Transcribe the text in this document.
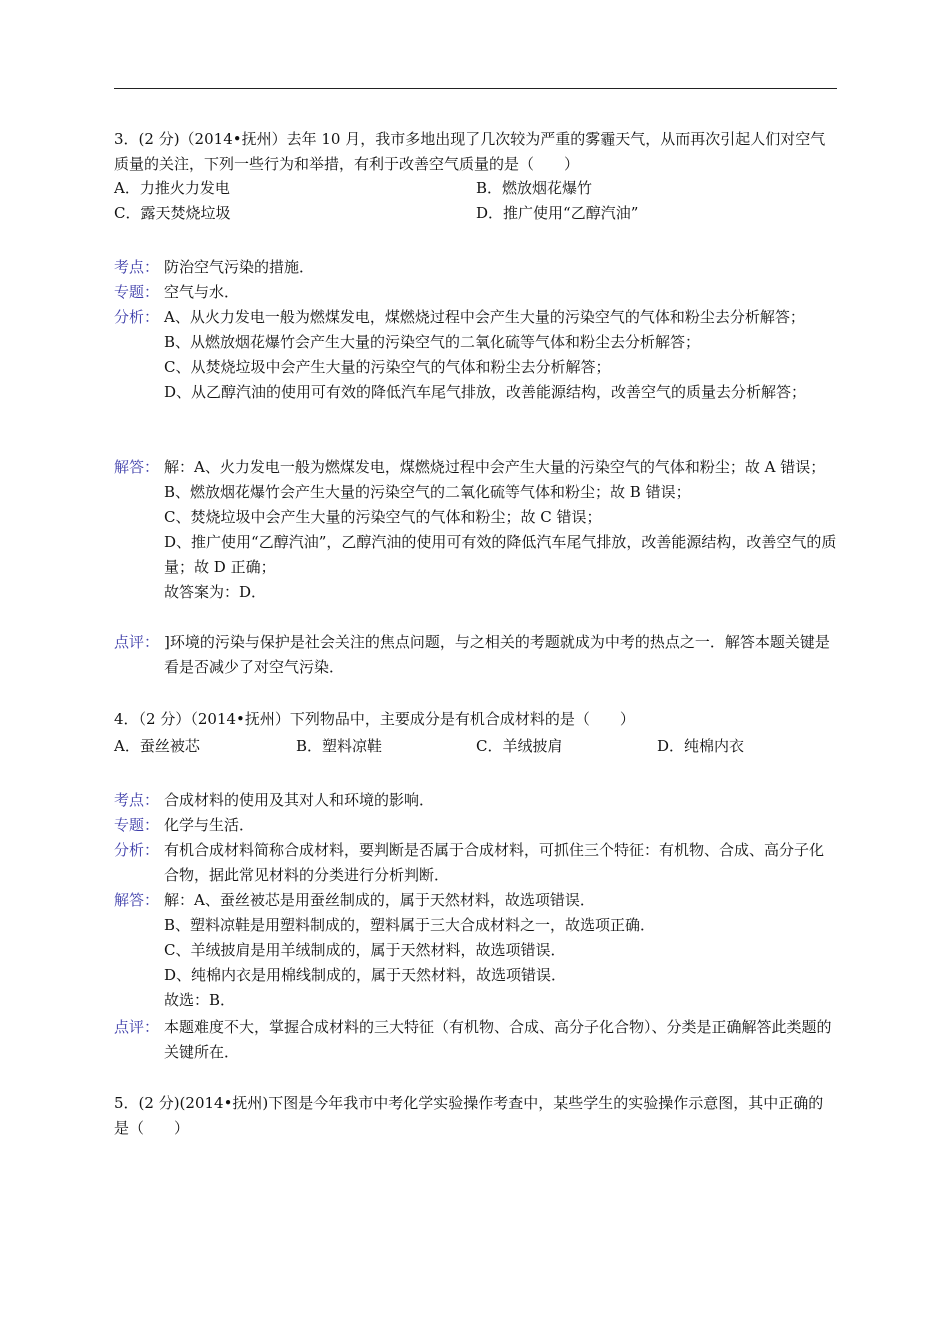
3．(2 分)（2014•抚州）去年 10 月，我市多地出现了几次较为严重的雾霾天气，从而再次引起人们对空气质量的关注，下列一些行为和举措，有利于改善空气质量的是（　　）
A．力推火力发电	B．燃放烟花爆竹
C．露天焚烧垃圾	D．推广使用“乙醇汽油”
考点： 防治空气污染的措施．
专题： 空气与水．
分析： A、从火力发电一般为燃煤发电，煤燃烧过程中会产生大量的污染空气的气体和粉尘去分析解答；

B、从燃放烟花爆竹会产生大量的污染空气的二氧化硫等气体和粉尘去分析解答；

C、从焚烧垃圾中会产生大量的污染空气的气体和粉尘去分析解答；

D、从乙醇汽油的使用可有效的降低汽车尾气排放，改善能源结构，改善空气的质量去分析解答；

解答： 解：A、火力发电一般为燃煤发电，煤燃烧过程中会产生大量的污染空气的气体和粉尘；故 A 错误；

B、燃放烟花爆竹会产生大量的污染空气的二氧化硫等气体和粉尘；故 B 错误；

C、焚烧垃圾中会产生大量的污染空气的气体和粉尘；故 C 错误；

D、推广使用“乙醇汽油”，乙醇汽油的使用可有效的降低汽车尾气排放，改善能源结构，改善空气的质量；故 D 正确；

故答案为：D．

点评： ]环境的污染与保护是社会关注的焦点问题，与之相关的考题就成为中考的热点之一．解答本题关键是看是否减少了对空气污染．
4．（2 分）（2014•抚州）下列物品中，主要成分是有机合成材料的是（　　）
A．蚕丝被芯	B．塑料凉鞋	C．羊绒披肩	D．纯棉内衣
考点： 合成材料的使用及其对人和环境的影响．
专题： 化学与生活．
分析： 有机合成材料简称合成材料，要判断是否属于合成材料，可抓住三个特征：有机物、合成、高分子化合物，据此常见材料的分类进行分析判断．
解答： 解：A、蚕丝被芯是用蚕丝制成的，属于天然材料，故选项错误．

B、塑料凉鞋是用塑料制成的，塑料属于三大合成材料之一，故选项正确．

C、羊绒披肩是用羊绒制成的，属于天然材料，故选项错误．

D、纯棉内衣是用棉线制成的，属于天然材料，故选项错误．

故选：B．

点评： 本题难度不大，掌握合成材料的三大特征（有机物、合成、高分子化合物）、分类是正确解答此类题的关键所在．
5．(2 分)(2014•抚州)下图是今年我市中考化学实验操作考查中，某些学生的实验操作示意图，其中正确的是（　　）
